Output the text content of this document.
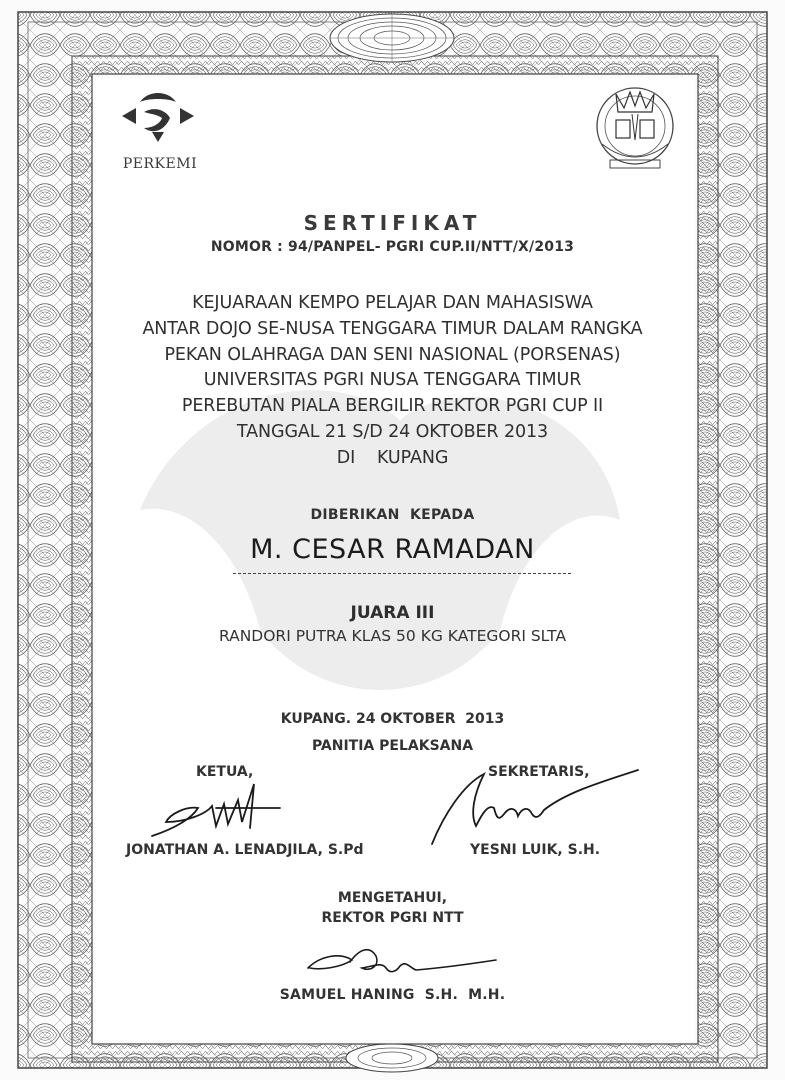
PERKEMI
SERTIFIKAT
NOMOR : 94/PANPEL- PGRI CUP.II/NTT/X/2013
KEJUARAAN KEMPO PELAJAR DAN MAHASISWA
ANTAR DOJO SE-NUSA TENGGARA TIMUR DALAM RANGKA
PEKAN OLAHRAGA DAN SENI NASIONAL (PORSENAS)
UNIVERSITAS PGRI NUSA TENGGARA TIMUR
PEREBUTAN PIALA BERGILIR REKTOR PGRI CUP II
TANGGAL 21 S/D 24 OKTOBER 2013
DI    KUPANG
DIBERIKAN  KEPADA
M. CESAR RAMADAN
JUARA III
RANDORI PUTRA KLAS 50 KG KATEGORI SLTA
KUPANG. 24 OKTOBER  2013
PANITIA PELAKSANA
KETUA,	SEKRETARIS,
JONATHAN A. LENADJILA, S.Pd	YESNI LUIK, S.H.
MENGETAHUI,
REKTOR PGRI NTT
SAMUEL HANING  S.H.  M.H.
